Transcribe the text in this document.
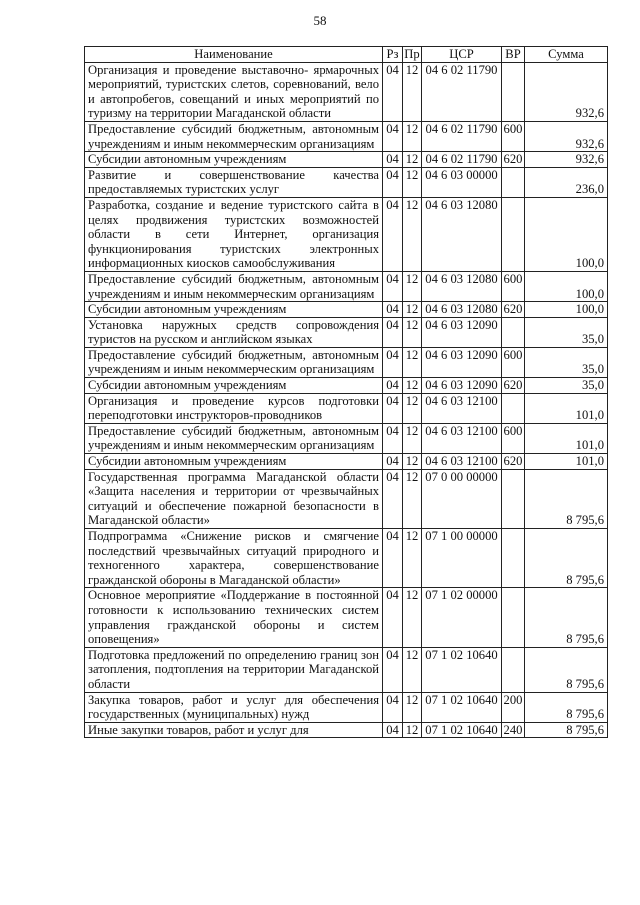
58
Наименование	Рз	Пр	ЦСР	ВР	Сумма
Организация и проведение выставочно- ярмарочных мероприятий, туристских слетов, соревнований, вело и автопробегов, совещаний и иных мероприятий по туризму на территории Магаданской области	04	12	04 6 02 11790		932,6
Предоставление субсидий бюджетным, автономным учреждениям и иным некоммерческим организациям	04	12	04 6 02 11790	600	932,6
Субсидии автономным учреждениям	04	12	04 6 02 11790	620	932,6
Развитие и совершенствование качества предоставляемых туристских услуг	04	12	04 6 03 00000		236,0
Разработка, создание и ведение туристского сайта в целях продвижения туристских возможностей области в сети Интернет, организация функционирования туристских электронных информационных киосков самообслуживания	04	12	04 6 03 12080		100,0
Предоставление субсидий бюджетным, автономным учреждениям и иным некоммерческим организациям	04	12	04 6 03 12080	600	100,0
Субсидии автономным учреждениям	04	12	04 6 03 12080	620	100,0
Установка наружных средств сопровождения туристов на русском и английском языках	04	12	04 6 03 12090		35,0
Предоставление субсидий бюджетным, автономным учреждениям и иным некоммерческим организациям	04	12	04 6 03 12090	600	35,0
Субсидии автономным учреждениям	04	12	04 6 03 12090	620	35,0
Организация и проведение курсов подготовки переподготовки инструкторов-проводников	04	12	04 6 03 12100		101,0
Предоставление субсидий бюджетным, автономным учреждениям и иным некоммерческим организациям	04	12	04 6 03 12100	600	101,0
Субсидии автономным учреждениям	04	12	04 6 03 12100	620	101,0
Государственная программа Магаданской области «Защита населения и территории от чрезвычайных ситуаций и обеспечение пожарной безопасности в Магаданской области»	04	12	07 0 00 00000		8 795,6
Подпрограмма «Снижение рисков и смягчение последствий чрезвычайных ситуаций природного и техногенного характера, совершенствование гражданской обороны в Магаданской области»	04	12	07 1 00 00000		8 795,6
Основное мероприятие «Поддержание в постоянной готовности к использованию технических систем управления гражданской обороны и систем оповещения»	04	12	07 1 02 00000		8 795,6
Подготовка предложений по определению границ зон затопления, подтопления на территории Магаданской области	04	12	07 1 02 10640		8 795,6
Закупка товаров, работ и услуг для обеспечения государственных (муниципальных) нужд	04	12	07 1 02 10640	200	8 795,6
Иные закупки товаров, работ и услуг для	04	12	07 1 02 10640	240	8 795,6
